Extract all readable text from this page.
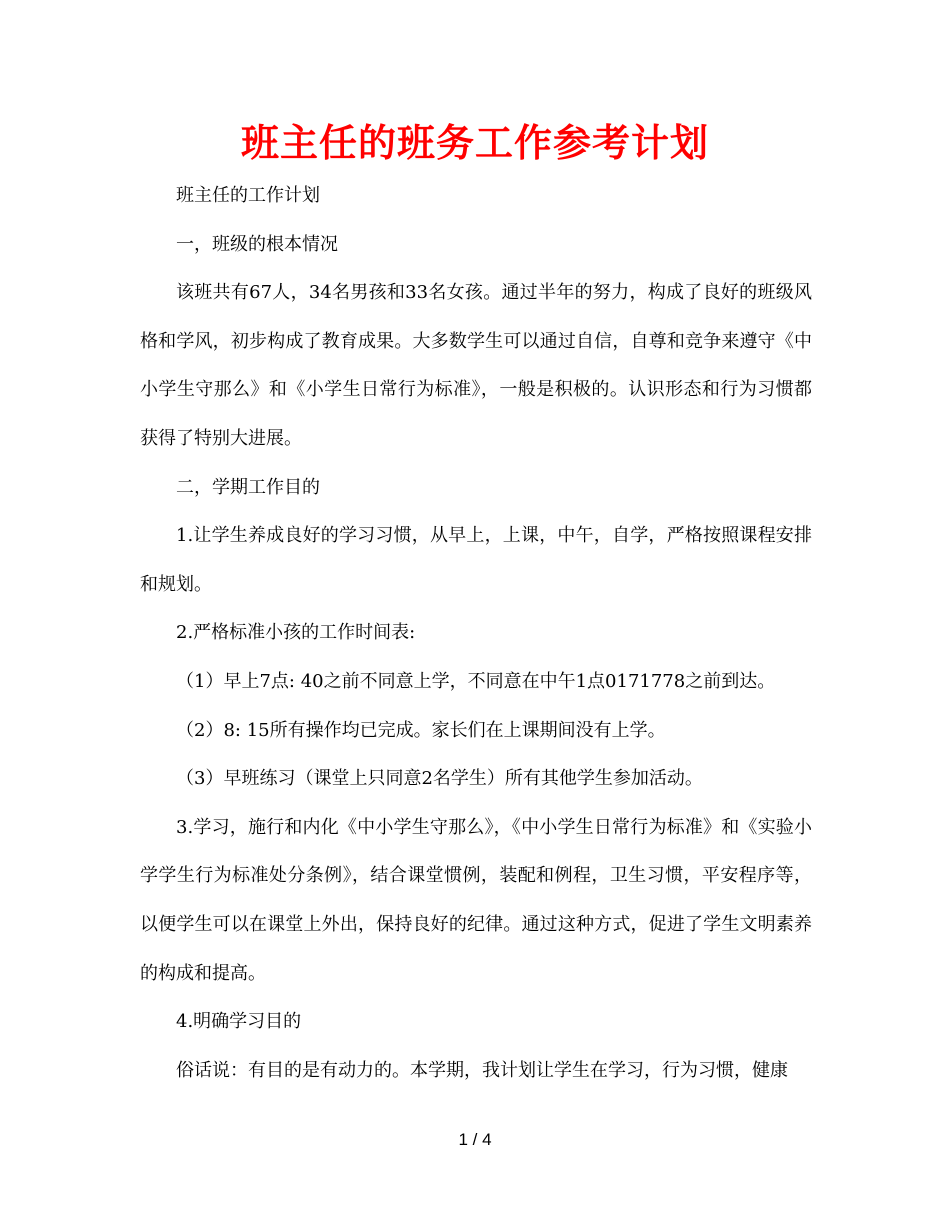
班主任的班务工作参考计划

班主任的工作计划

一，班级的根本情况

该班共有67人，34名男孩和33名女孩。通过半年的努力，构成了良好的班级风格和学风，初步构成了教育成果。大多数学生可以通过自信，自尊和竞争来遵守《中小学生守那么》和《小学生日常行为标准》，一般是积极的。认识形态和行为习惯都获得了特别大进展。

二，学期工作目的

1.让学生养成良好的学习习惯，从早上，上课，中午，自学，严格按照课程安排和规划。

2.严格标准小孩的工作时间表:

（1）早上7点: 40之前不同意上学，不同意在中午1点0171778之前到达。

（2）8: 15所有操作均已完成。家长们在上课期间没有上学。

（3）早班练习（课堂上只同意2名学生）所有其他学生参加活动。

3.学习，施行和内化《中小学生守那么》，《中小学生日常行为标准》和《实验小学学生行为标准处分条例》，结合课堂惯例，装配和例程，卫生习惯，平安程序等，以便学生可以在课堂上外出，保持良好的纪律。通过这种方式，促进了学生文明素养的构成和提高。

4.明确学习目的

俗话说：有目的是有动力的。本学期，我计划让学生在学习，行为习惯，健康

1 / 4
